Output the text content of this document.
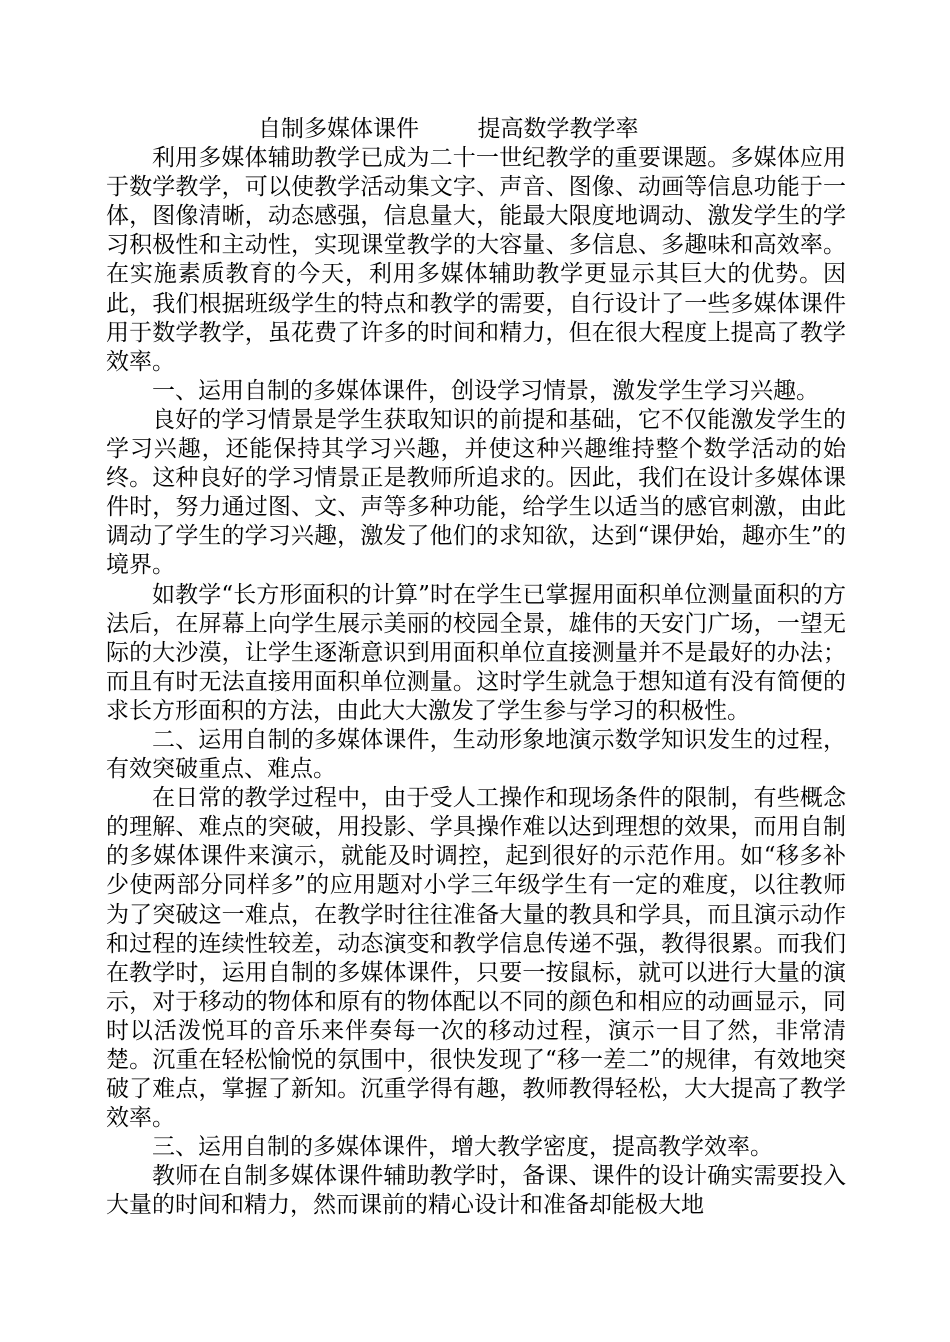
自制多媒体课件        提高数学教学率

利用多媒体辅助教学已成为二十一世纪教学的重要课题。多媒体应用于数学教学，可以使教学活动集文字、声音、图像、动画等信息功能于一体，图像清晰，动态感强，信息量大，能最大限度地调动、激发学生的学习积极性和主动性，实现课堂教学的大容量、多信息、多趣味和高效率。在实施素质教育的今天，利用多媒体辅助教学更显示其巨大的优势。因此，我们根据班级学生的特点和教学的需要，自行设计了一些多媒体课件用于数学教学，虽花费了许多的时间和精力，但在很大程度上提高了教学效率。

一、运用自制的多媒体课件，创设学习情景，激发学生学习兴趣。

良好的学习情景是学生获取知识的前提和基础，它不仅能激发学生的学习兴趣，还能保持其学习兴趣，并使这种兴趣维持整个数学活动的始终。这种良好的学习情景正是教师所追求的。因此，我们在设计多媒体课件时，努力通过图、文、声等多种功能，给学生以适当的感官刺激，由此调动了学生的学习兴趣，激发了他们的求知欲，达到“课伊始，趣亦生”的境界。

如教学“长方形面积的计算”时在学生已掌握用面积单位测量面积的方法后，在屏幕上向学生展示美丽的校园全景，雄伟的天安门广场，一望无际的大沙漠，让学生逐渐意识到用面积单位直接测量并不是最好的办法；而且有时无法直接用面积单位测量。这时学生就急于想知道有没有简便的求长方形面积的方法，由此大大激发了学生参与学习的积极性。

二、运用自制的多媒体课件，生动形象地演示数学知识发生的过程，有效突破重点、难点。

在日常的教学过程中，由于受人工操作和现场条件的限制，有些概念的理解、难点的突破，用投影、学具操作难以达到理想的效果，而用自制的多媒体课件来演示，就能及时调控，起到很好的示范作用。如“移多补少使两部分同样多”的应用题对小学三年级学生有一定的难度，以往教师为了突破这一难点，在教学时往往准备大量的教具和学具，而且演示动作和过程的连续性较差，动态演变和教学信息传递不强，教得很累。而我们在教学时，运用自制的多媒体课件，只要一按鼠标，就可以进行大量的演示，对于移动的物体和原有的物体配以不同的颜色和相应的动画显示，同时以活泼悦耳的音乐来伴奏每一次的移动过程，演示一目了然，非常清楚。沉重在轻松愉悦的氛围中，很快发现了“移一差二”的规律，有效地突破了难点，掌握了新知。沉重学得有趣，教师教得轻松，大大提高了教学效率。

三、运用自制的多媒体课件，增大教学密度，提高教学效率。

教师在自制多媒体课件辅助教学时，备课、课件的设计确实需要投入大量的时间和精力，然而课前的精心设计和准备却能极大地
